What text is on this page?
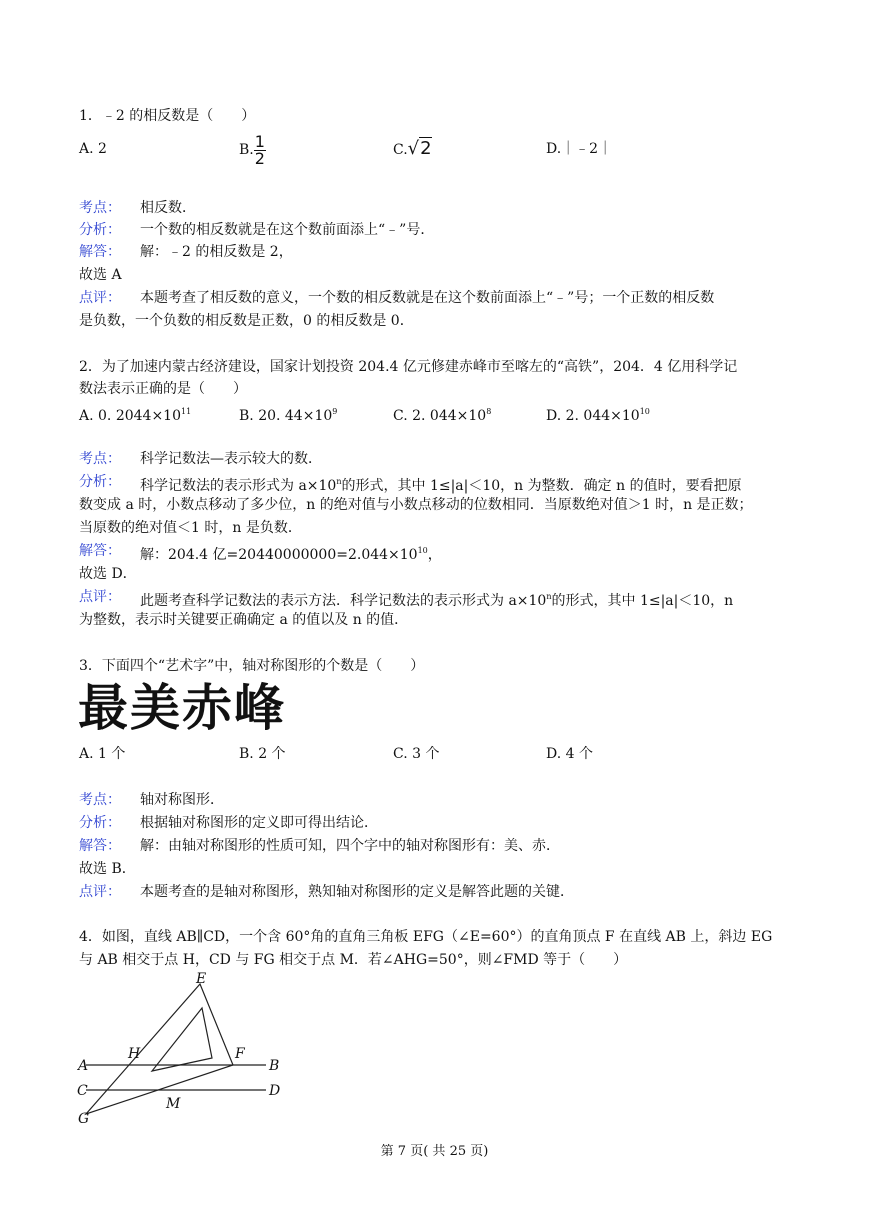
1．﹣2 的相反数是（　　）
A. 2	B. $\frac{1}{2}$	C.√2	D.｜﹣2｜
考点： 相反数．
分析： 一个数的相反数就是在这个数前面添上“﹣”号．
解答： 解：﹣2 的相反数是 2，
故选 A
点评： 本题考查了相反数的意义，一个数的相反数就是在这个数前面添上“﹣”号；一个正数的相反数
是负数，一个负数的相反数是正数，0 的相反数是 0．
2．为了加速内蒙古经济建设，国家计划投资 204.4 亿元修建赤峰市至喀左的“高铁”，204．4 亿用科学记
数法表示正确的是（　　）
A. 0. $2044\times 10^{11}$	B. 20. $44\times 10^9$	C. 2. $044\times 10^8$	D. 2. $044\times 10^{10}$
考点： 科学记数法—表示较大的数．
分析： 科学记数法的表示形式为 $a\times 10^n$的形式，其中 1≤|a|＜10，n 为整数．确定 n 的值时，要看把原
数变成 a 时，小数点移动了多少位，n 的绝对值与小数点移动的位数相同．当原数绝对值＞1 时，n 是正数；
当原数的绝对值＜1 时，n 是负数．
解答： 解：204.4 亿$=20440000000=2.044\times 10^{10}$，
故选 D．
点评： 此题考查科学记数法的表示方法．科学记数法的表示形式为 $a\times 10^n$的形式，其中 1≤|a|＜10，n
为整数，表示时关键要正确确定 a 的值以及 n 的值．
3．下面四个“艺术字”中，轴对称图形的个数是（　　）
最美赤峰
A. 1 个	B. 2 个	C. 3 个	D. 4 个
考点： 轴对称图形．
分析： 根据轴对称图形的定义即可得出结论．
解答： 解：由轴对称图形的性质可知，四个字中的轴对称图形有：美、赤．
故选 B．
点评： 本题考查的是轴对称图形，熟知轴对称图形的定义是解答此题的关键．
4．如图，直线 AB∥CD，一个含 60°角的直角三角板 EFG（∠E=60°）的直角顶点 F 在直线 AB 上，斜边 EG
与 AB 相交于点 H，CD 与 FG 相交于点 M．若∠AHG=50°，则∠FMD 等于（　　）
E
H	F
A	B
C	D
M
G
第 7 页( 共 25 页)
